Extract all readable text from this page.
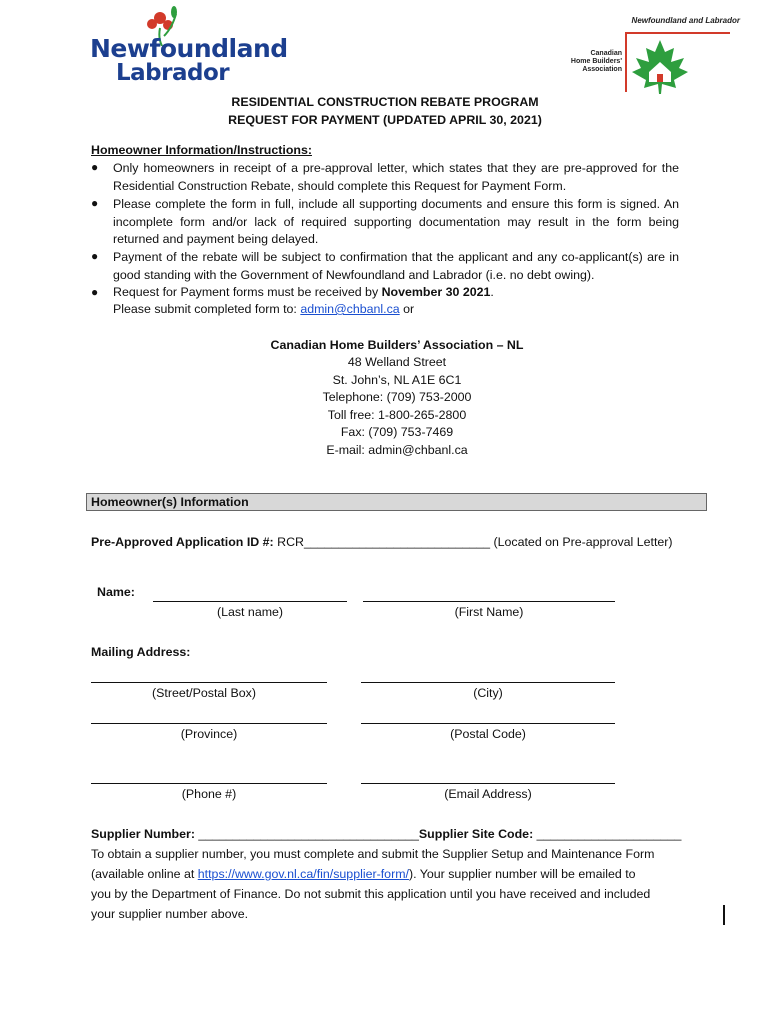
Newfoundland
Labrador
Newfoundland and Labrador
Canadian
Home Builders'
Association
RESIDENTIAL CONSTRUCTION REBATE PROGRAM
REQUEST FOR PAYMENT (UPDATED APRIL 30, 2021)
Homeowner Information/Instructions:
● Only homeowners in receipt of a pre-approval letter, which states that they are pre-approved for the Residential Construction Rebate, should complete this Request for Payment Form.
● Please complete the form in full, include all supporting documents and ensure this form is signed. An incomplete form and/or lack of required supporting documentation may result in the form being returned and payment being delayed.
● Payment of the rebate will be subject to confirmation that the applicant and any co-applicant(s) are in good standing with the Government of Newfoundland and Labrador (i.e. no debt owing).
● Request for Payment forms must be received by November 30 2021.
Please submit completed form to: admin@chbanl.ca or
Canadian Home Builders’ Association – NL
48 Welland Street
St. John’s, NL A1E 6C1
Telephone: (709) 753-2000
Toll free: 1-800-265-2800
Fax: (709) 753-7469
E-mail: admin@chbanl.ca
Homeowner(s) Information
Pre-Approved Application ID #: RCR___________________________ (Located on Pre-approval Letter)
Name:
(Last name)	(First Name)
Mailing Address:
(Street/Postal Box)	(City)
(Province)	(Postal Code)
(Phone #)	(Email Address)
Supplier Number: ________________________________Supplier Site Code: _____________________
To obtain a supplier number, you must complete and submit the Supplier Setup and Maintenance Form
(available online at https://www.gov.nl.ca/fin/supplier-form/). Your supplier number will be emailed to
you by the Department of Finance. Do not submit this application until you have received and included
your supplier number above.
